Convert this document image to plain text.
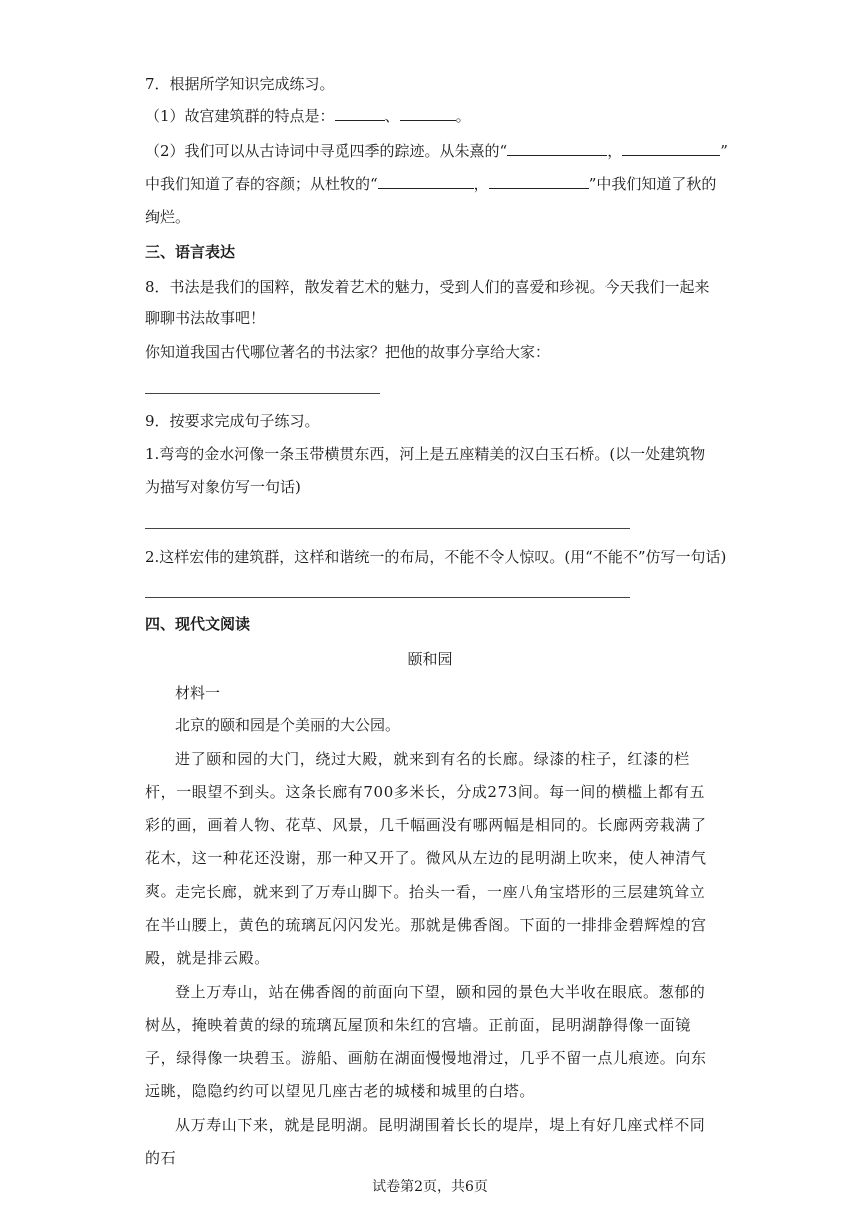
7．根据所学知识完成练习。
（1）故宫建筑群的特点是：	、	。
（2）我们可以从古诗词中寻觅四季的踪迹。从朱熹的“	，	”
中我们知道了春的容颜；从杜牧的“	，	”中我们知道了秋的
绚烂。
三、语言表达
8．书法是我们的国粹，散发着艺术的魅力，受到人们的喜爱和珍视。今天我们一起来
聊聊书法故事吧！
你知道我国古代哪位著名的书法家？把他的故事分享给大家：
9．按要求完成句子练习。
1.弯弯的金水河像一条玉带横贯东西，河上是五座精美的汉白玉石桥。(以一处建筑物
为描写对象仿写一句话)
2.这样宏伟的建筑群，这样和谐统一的布局，不能不令人惊叹。(用“不能不”仿写一句话)
四、现代文阅读
颐和园
材料一
北京的颐和园是个美丽的大公园。
进了颐和园的大门，绕过大殿，就来到有名的长廊。绿漆的柱子，红漆的栏杆，一眼望不到头。这条长廊有700多米长，分成273间。每一间的横槛上都有五彩的画，画着人物、花草、风景，几千幅画没有哪两幅是相同的。长廊两旁栽满了花木，这一种花还没谢，那一种又开了。微风从左边的昆明湖上吹来，使人神清气爽。
走完长廊，就来到了万寿山脚下。抬头一看，一座八角宝塔形的三层建筑耸立在半山腰上，黄色的琉璃瓦闪闪发光。那就是佛香阁。下面的一排排金碧辉煌的宫殿，就是排云殿。
登上万寿山，站在佛香阁的前面向下望，颐和园的景色大半收在眼底。葱郁的树丛，掩映着黄的绿的琉璃瓦屋顶和朱红的宫墙。正前面，昆明湖静得像一面镜子，绿得像一块碧玉。游船、画舫在湖面慢慢地滑过，几乎不留一点儿痕迹。向东远眺，隐隐约约可以望见几座古老的城楼和城里的白塔。
从万寿山下来，就是昆明湖。昆明湖围着长长的堤岸，堤上有好几座式样不同的石
试卷第2页，共6页
